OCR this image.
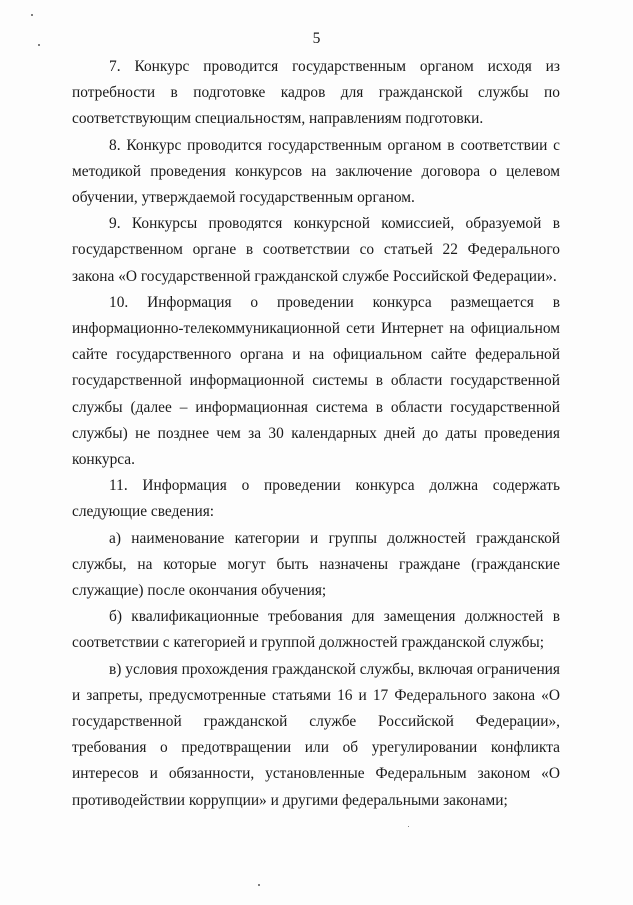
5

7. Конкурс проводится государственным органом исходя из потребности в подготовке кадров для гражданской службы по соответствующим специальностям, направлениям подготовки.

8. Конкурс проводится государственным органом в соответствии с методикой проведения конкурсов на заключение договора о целевом обучении, утверждаемой государственным органом.

9. Конкурсы проводятся конкурсной комиссией, образуемой в государственном органе в соответствии со статьей 22 Федерального закона «О государственной гражданской службе Российской Федерации».

10. Информация о проведении конкурса размещается в информационно-телекоммуникационной сети Интернет на официальном сайте государственного органа и на официальном сайте федеральной государственной информационной системы в области государственной службы (далее – информационная система в области государственной службы) не позднее чем за 30 календарных дней до даты проведения конкурса.

11. Информация о проведении конкурса должна содержать следующие сведения:

а) наименование категории и группы должностей гражданской службы, на которые могут быть назначены граждане (гражданские служащие) после окончания обучения;

б) квалификационные требования для замещения должностей в соответствии с категорией и группой должностей гражданской службы;

в) условия прохождения гражданской службы, включая ограничения и запреты, предусмотренные статьями 16 и 17 Федерального закона «О государственной гражданской службе Российской Федерации», требования о предотвращении или об урегулировании конфликта интересов и обязанности, установленные Федеральным законом «О противодействии коррупции» и другими федеральными законами;
